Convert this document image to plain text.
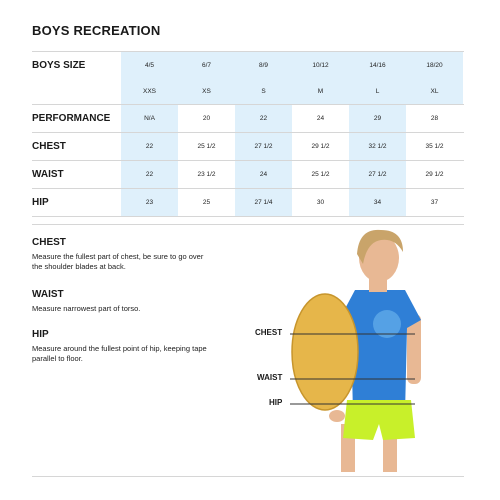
BOYS RECREATION
BOYS SIZE	4/5	6/7	8/9	10/12	14/16	18/20
XXS	XS	S	M	L	XL
PERFORMANCE	N/A	20	22	24	29	28
CHEST	22	25 1/2	27 1/2	29 1/2	32 1/2	35 1/2
WAIST	22	23 1/2	24	25 1/2	27 1/2	29 1/2
HIP	23	25	27 1/4	30	34	37
CHEST

Measure the fullest part of chest, be sure to go over the shoulder blades at back.

WAIST

Measure narrowest part of torso.

HIP

Measure around the fullest point of hip, keeping tape parallel to floor.

CHEST
WAIST
HIP
